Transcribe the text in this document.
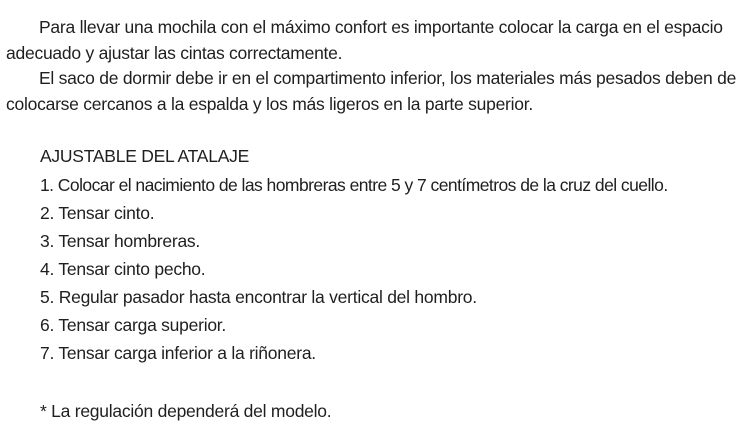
Para llevar una mochila con el máximo confort es importante colocar la carga en el espacio adecuado y ajustar las cintas correctamente.

El saco de dormir debe ir en el compartimento inferior, los materiales más pesados deben de colocarse cercanos a la espalda y los más ligeros en la parte superior.

AJUSTABLE DEL ATALAJE
1. Colocar el nacimiento de las hombreras entre 5 y 7 centímetros de la cruz del cuello.
2. Tensar cinto.
3. Tensar hombreras.
4. Tensar cinto pecho.
5. Regular pasador hasta encontrar la vertical del hombro.
6. Tensar carga superior.
7. Tensar carga inferior a la riñonera.

* La regulación dependerá del modelo.
